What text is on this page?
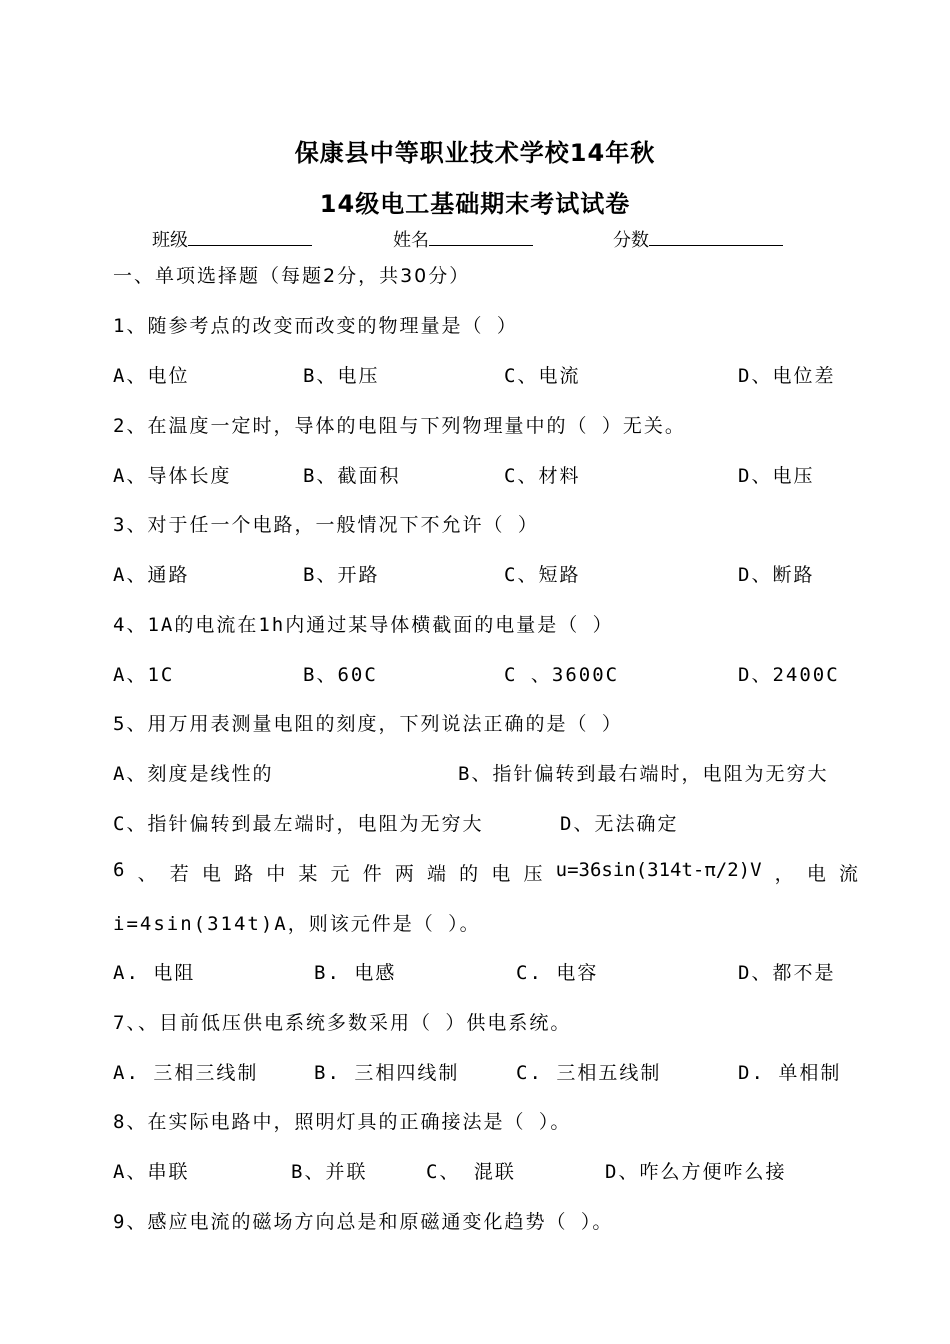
保康县中等职业技术学校14年秋
14级电工基础期末考试试卷
班级	姓名	分数
一、单项选择题（每题2分，共30分）
1、随参考点的改变而改变的物理量是（ ）
A、电位	B、电压	C、电流	D、电位差
2、在温度一定时，导体的电阻与下列物理量中的（ ）无关。
A、导体长度	B、截面积	C、材料	D、电压
3、对于任一个电路，一般情况下不允许（ ）
A、通路	B、开路	C、短路	D、断路
4、1A的电流在1h内通过某导体横截面的电量是（ ）
A、1C	B、60C	C 、3600C	D、2400C
5、用万用表测量电阻的刻度，下列说法正确的是（ ）
A、刻度是线性的	B、指针偏转到最右端时，电阻为无穷大
C、指针偏转到最左端时，电阻为无穷大	D、无法确定
6 、 若 电 路 中 某 元 件 两 端 的 电 压 u=36sin(314t-π/2)V ， 电 流
i=4sin(314t)A，则该元件是（ ）。
A. 电阻	B. 电感	C. 电容	D、都不是
7、、目前低压供电系统多数采用（ ）供电系统。
A. 三相三线制	B. 三相四线制	C. 三相五线制	D. 单相制
8、在实际电路中，照明灯具的正确接法是（ ）。
A、串联	B、并联	C、 混联	D、咋么方便咋么接
9、感应电流的磁场方向总是和原磁通变化趋势（ ）。
